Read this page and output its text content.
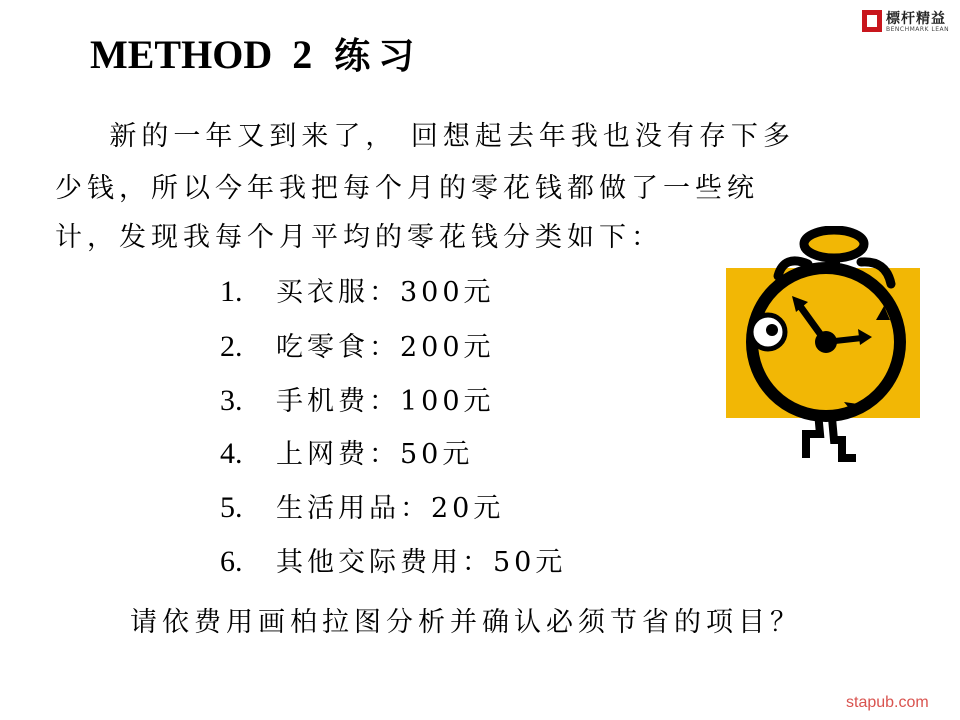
標杆精益
BENCHMARK LEAN
METHOD  2 练习
新的一年又到来了， 回想起去年我也没有存下多
少钱，所以今年我把每个月的零花钱都做了一些统
计，发现我每个月平均的零花钱分类如下：
1. 买衣服：300元
2. 吃零食：200元
3. 手机费：100元
4. 上网费：50元
5. 生活用品：20元
6. 其他交际费用：50元
请依费用画柏拉图分析并确认必须节省的项目？
stapub.com
